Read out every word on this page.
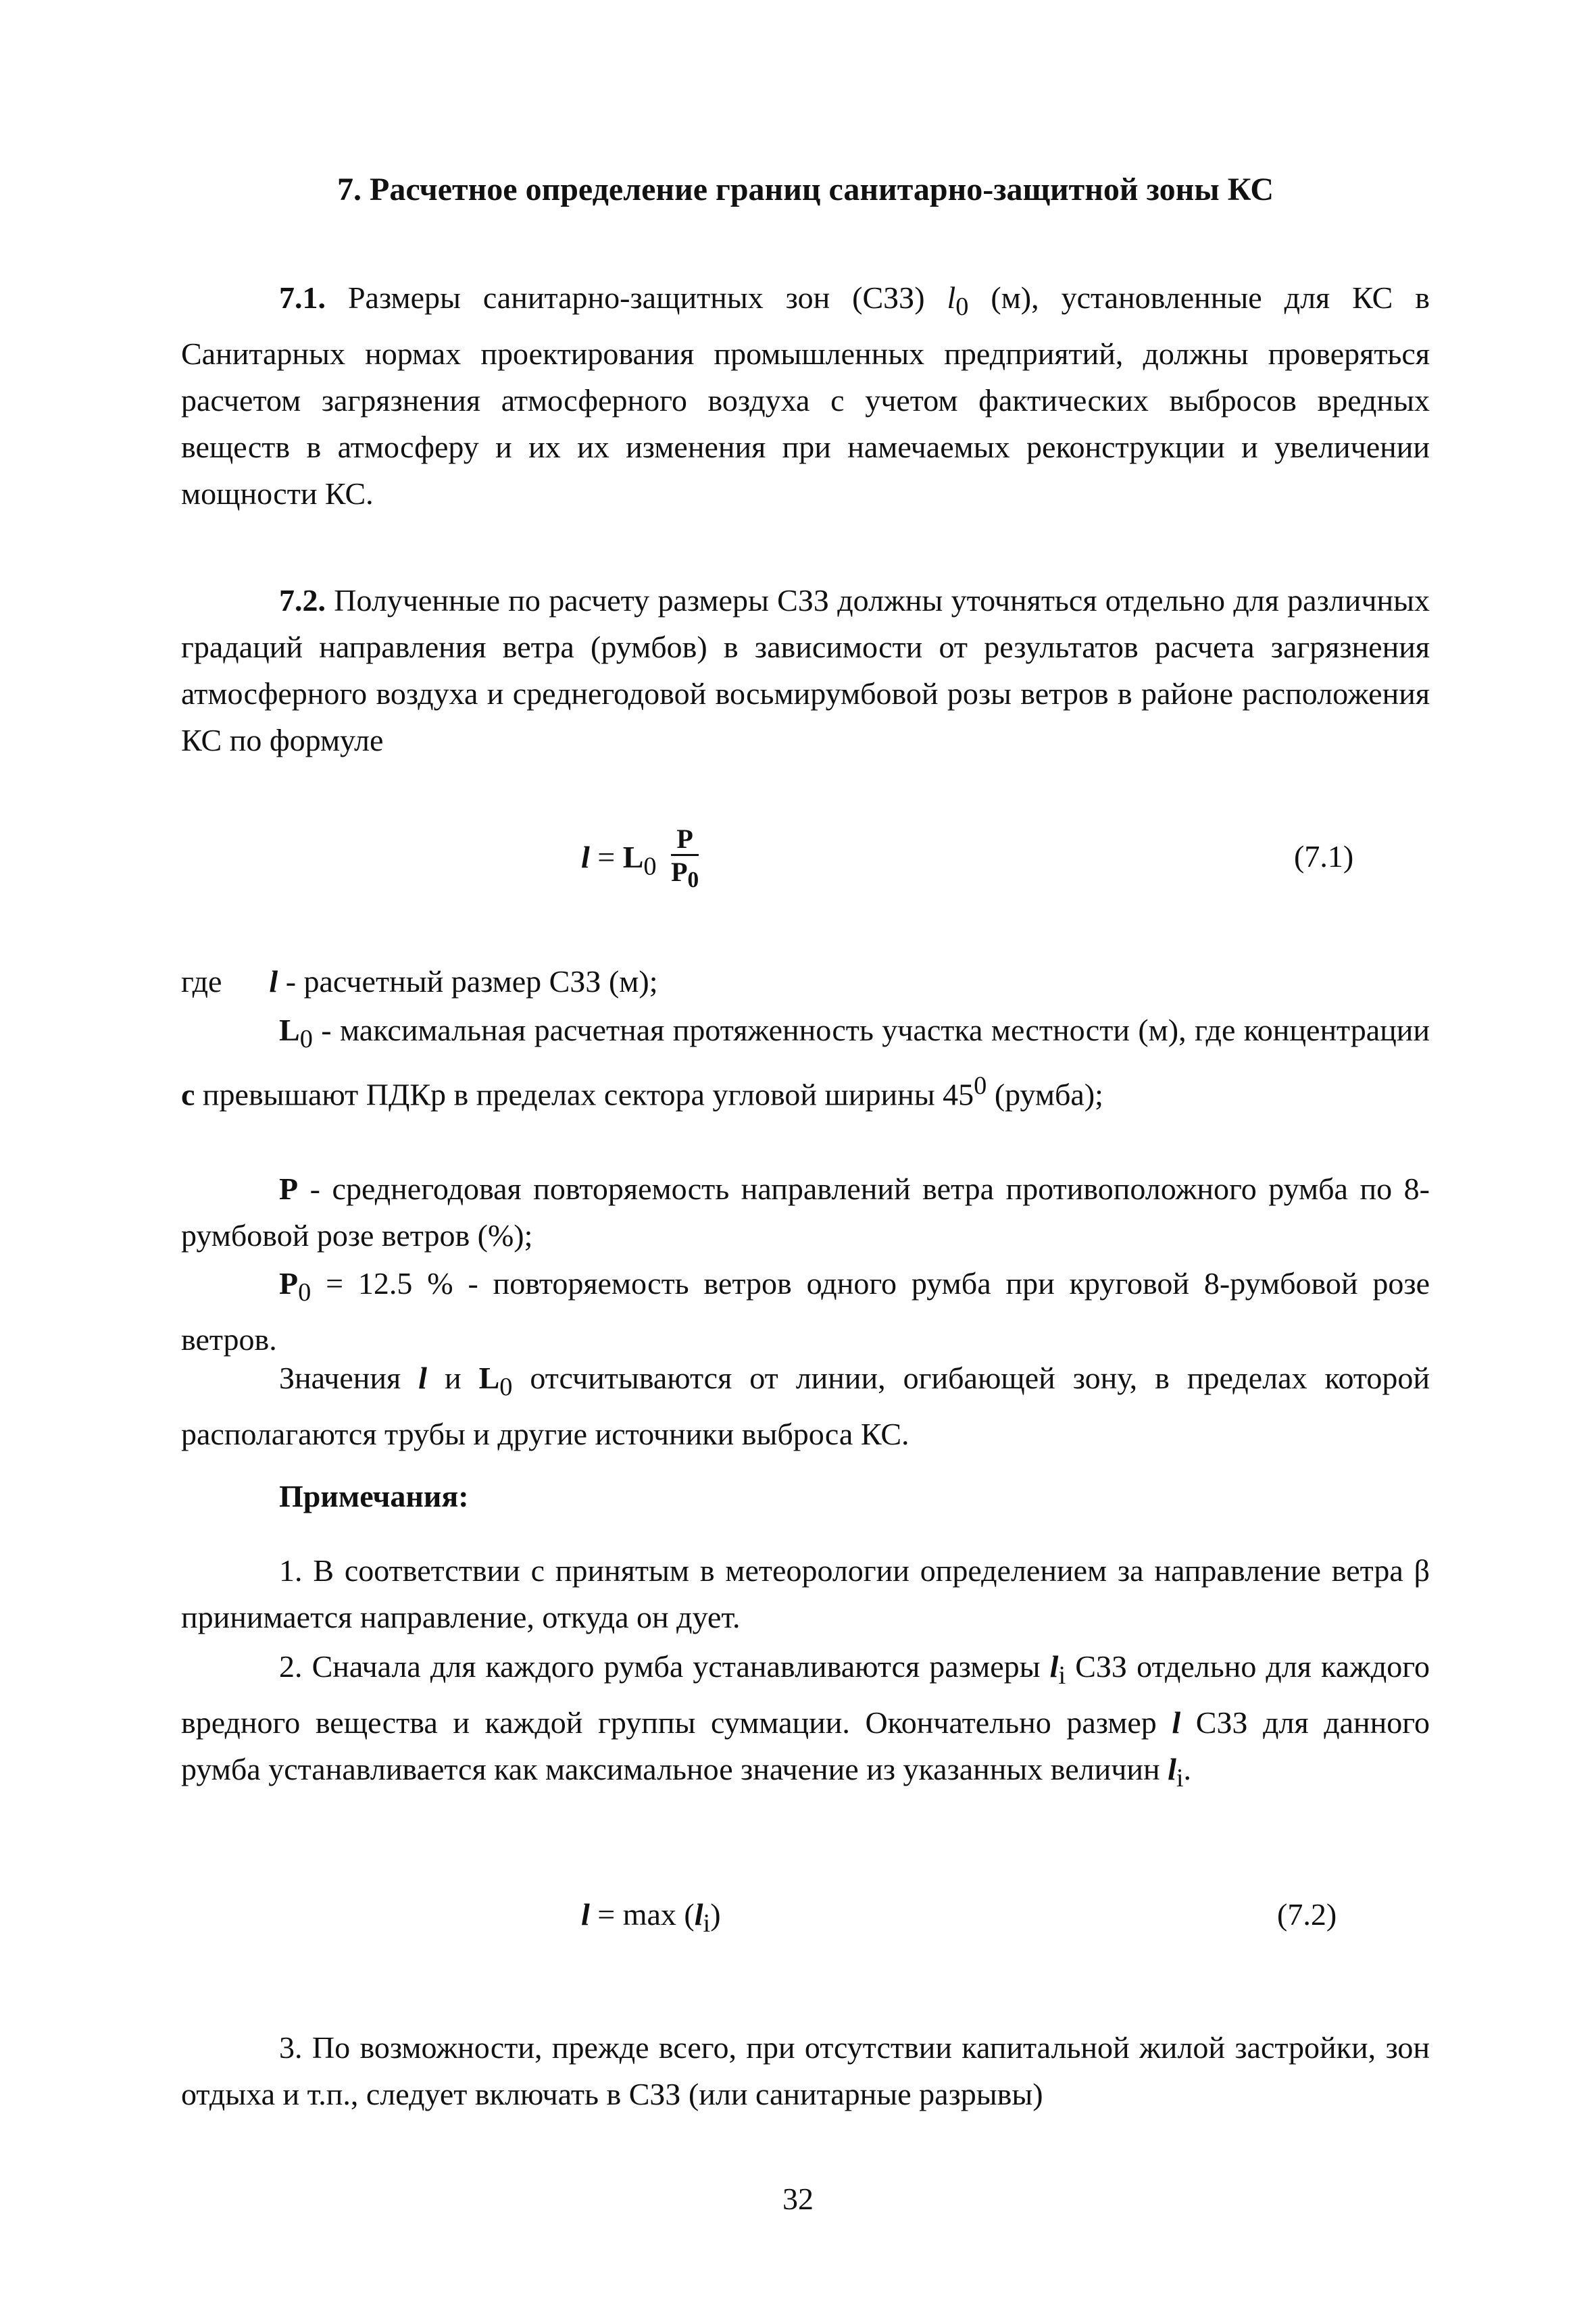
7. Расчетное определение границ санитарно-защитной зоны КС

7.1. Размеры санитарно-защитных зон (СЗЗ) $l_0$ (м), установленные для КС в Санитарных нормах проектирования промышленных предприятий, должны проверяться расчетом загрязнения атмосферного воздуха с учетом фактических выбросов вредных веществ в атмосферу и их их изменения при намечаемых реконструкции и увеличении мощности КС.

7.2. Полученные по расчету размеры СЗЗ должны уточняться отдельно для различных градаций направления ветра (румбов) в зависимости от результатов расчета загрязнения атмосферного воздуха и среднегодовой восьмирумбовой розы ветров в районе расположения КС по формуле

$l = L_0 \frac{P}{P_0}$	(7.1)
где l - расчетный размер СЗЗ (м);

$L_0$ - максимальная расчетная протяженность участка местности (м), где концентрации c превышают ПДКр в пределах сектора угловой ширины $45^0$ (румба);

P - среднегодовая повторяемость направлений ветра противоположного румба по 8-румбовой розе ветров (%);

$P_0 = 12.5$ % - повторяемость ветров одного румба при круговой 8-румбовой розе ветров.

Значения l и $L_0$ отсчитываются от линии, огибающей зону, в пределах которой располагаются трубы и другие источники выброса КС.

Примечания:

1. В соответствии с принятым в метеорологии определением за направление ветра β принимается направление, откуда он дует.

2. Сначала для каждого румба устанавливаются размеры $l_i$ СЗЗ отдельно для каждого вредного вещества и каждой группы суммации. Окончательно размер l СЗЗ для данного румба устанавливается как максимальное значение из указанных величин $l_i$.

$l = \max (l_i)$	(7.2)

3. По возможности, прежде всего, при отсутствии капитальной жилой застройки, зон отдыха и т.п., следует включать в СЗЗ (или санитарные разрывы)

32
